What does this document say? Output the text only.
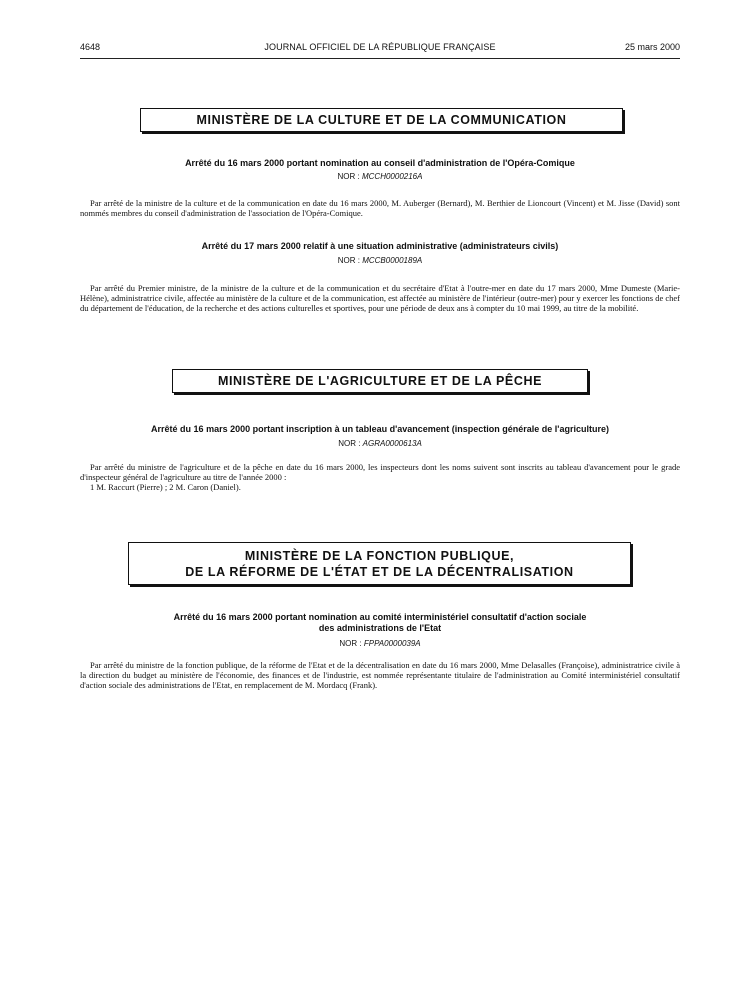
JOURNAL OFFICIEL DE LA RÉPUBLIQUE FRANÇAISE
4648	25 mars 2000
MINISTÈRE DE LA CULTURE ET DE LA COMMUNICATION
Arrêté du 16 mars 2000 portant nomination au conseil d'administration de l'Opéra-Comique
NOR : MCCH0000216A

Par arrêté de la ministre de la culture et de la communication en date du 16 mars 2000, M. Auberger (Bernard), M. Berthier de Lioncourt (Vincent) et M. Jisse (David) sont nommés membres du conseil d'administration de l'association de l'Opéra-Comique.

Arrêté du 17 mars 2000 relatif à une situation administrative (administrateurs civils)
NOR : MCCB0000189A

Par arrêté du Premier ministre, de la ministre de la culture et de la communication et du secrétaire d'Etat à l'outre-mer en date du 17 mars 2000, Mme Dumeste (Marie-Hélène), administratrice civile, affectée au ministère de la culture et de la communication, est affectée au ministère de l'intérieur (outre-mer) pour y exercer les fonctions de chef du département de l'éducation, de la recherche et des actions culturelles et sportives, pour une période de deux ans à compter du 10 mai 1999, au titre de la mobilité.

MINISTÈRE DE L'AGRICULTURE ET DE LA PÊCHE
Arrêté du 16 mars 2000 portant inscription à un tableau d'avancement (inspection générale de l'agriculture)
NOR : AGRA0000613A

Par arrêté du ministre de l'agriculture et de la pêche en date du 16 mars 2000, les inspecteurs dont les noms suivent sont inscrits au tableau d'avancement pour le grade d'inspecteur général de l'agriculture au titre de l'année 2000 :

1 M. Raccurt (Pierre) ; 2 M. Caron (Daniel).

MINISTÈRE DE LA FONCTION PUBLIQUE,
DE LA RÉFORME DE L'ÉTAT ET DE LA DÉCENTRALISATION
Arrêté du 16 mars 2000 portant nomination au comité interministériel consultatif d'action sociale
des administrations de l'Etat
NOR : FPPA0000039A

Par arrêté du ministre de la fonction publique, de la réforme de l'Etat et de la décentralisation en date du 16 mars 2000, Mme Delasalles (Françoise), administratrice civile à la direction du budget au ministère de l'économie, des finances et de l'industrie, est nommée représentante titulaire de l'administration au Comité interministériel consultatif d'action sociale des administrations de l'Etat, en remplacement de M. Mordacq (Frank).
